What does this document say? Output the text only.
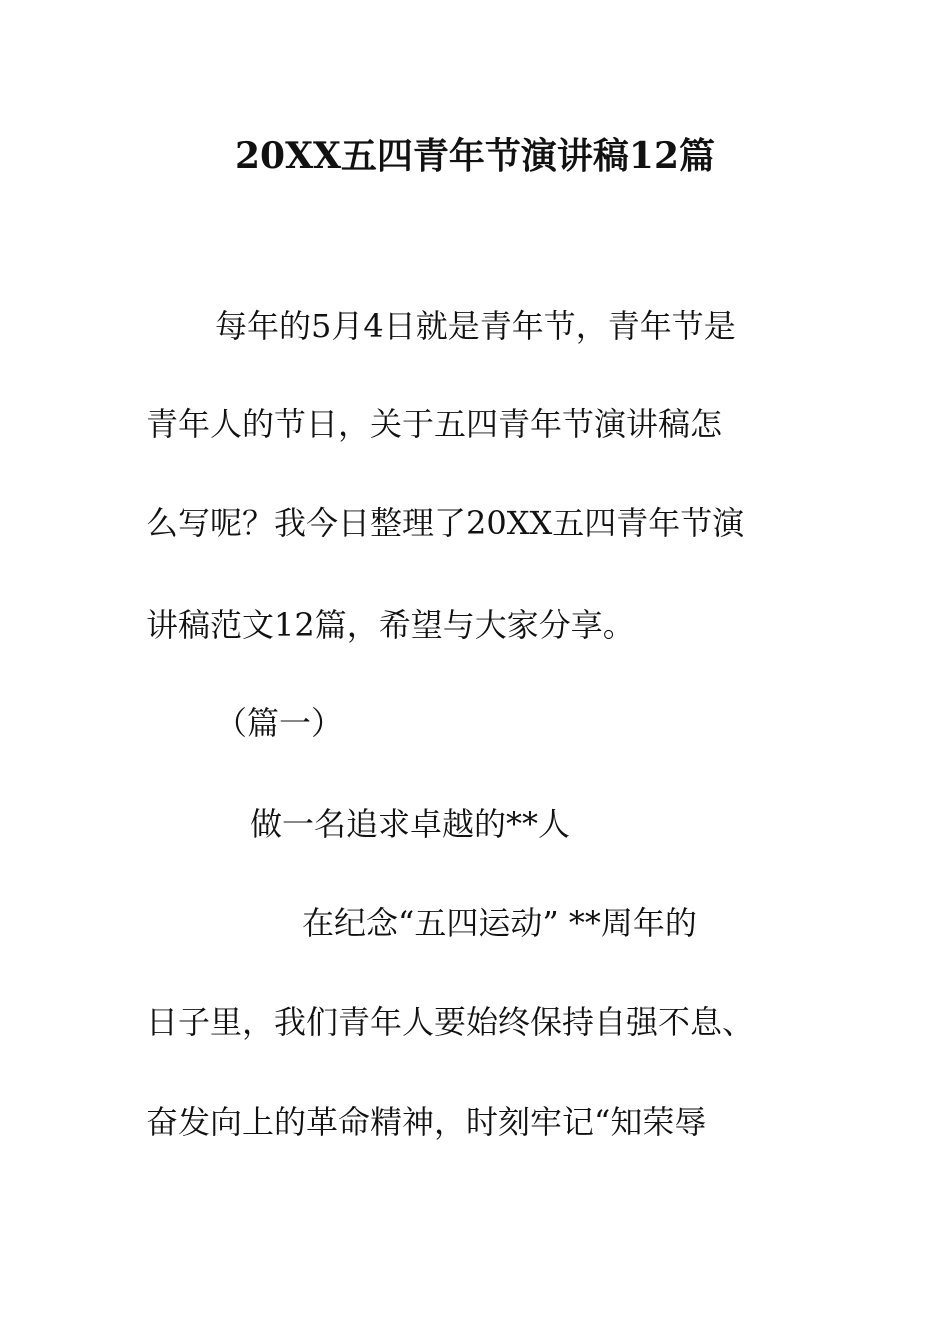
20XX五四青年节演讲稿12篇
每年的5月4日就是青年节，青年节是
青年人的节日，关于五四青年节演讲稿怎
么写呢？我今日整理了20XX五四青年节演
讲稿范文12篇，希望与大家分享。
（篇一）
做一名追求卓越的**人
在纪念“五四运动” **周年的
日子里，我们青年人要始终保持自强不息、
奋发向上的革命精神，时刻牢记“知荣辱
